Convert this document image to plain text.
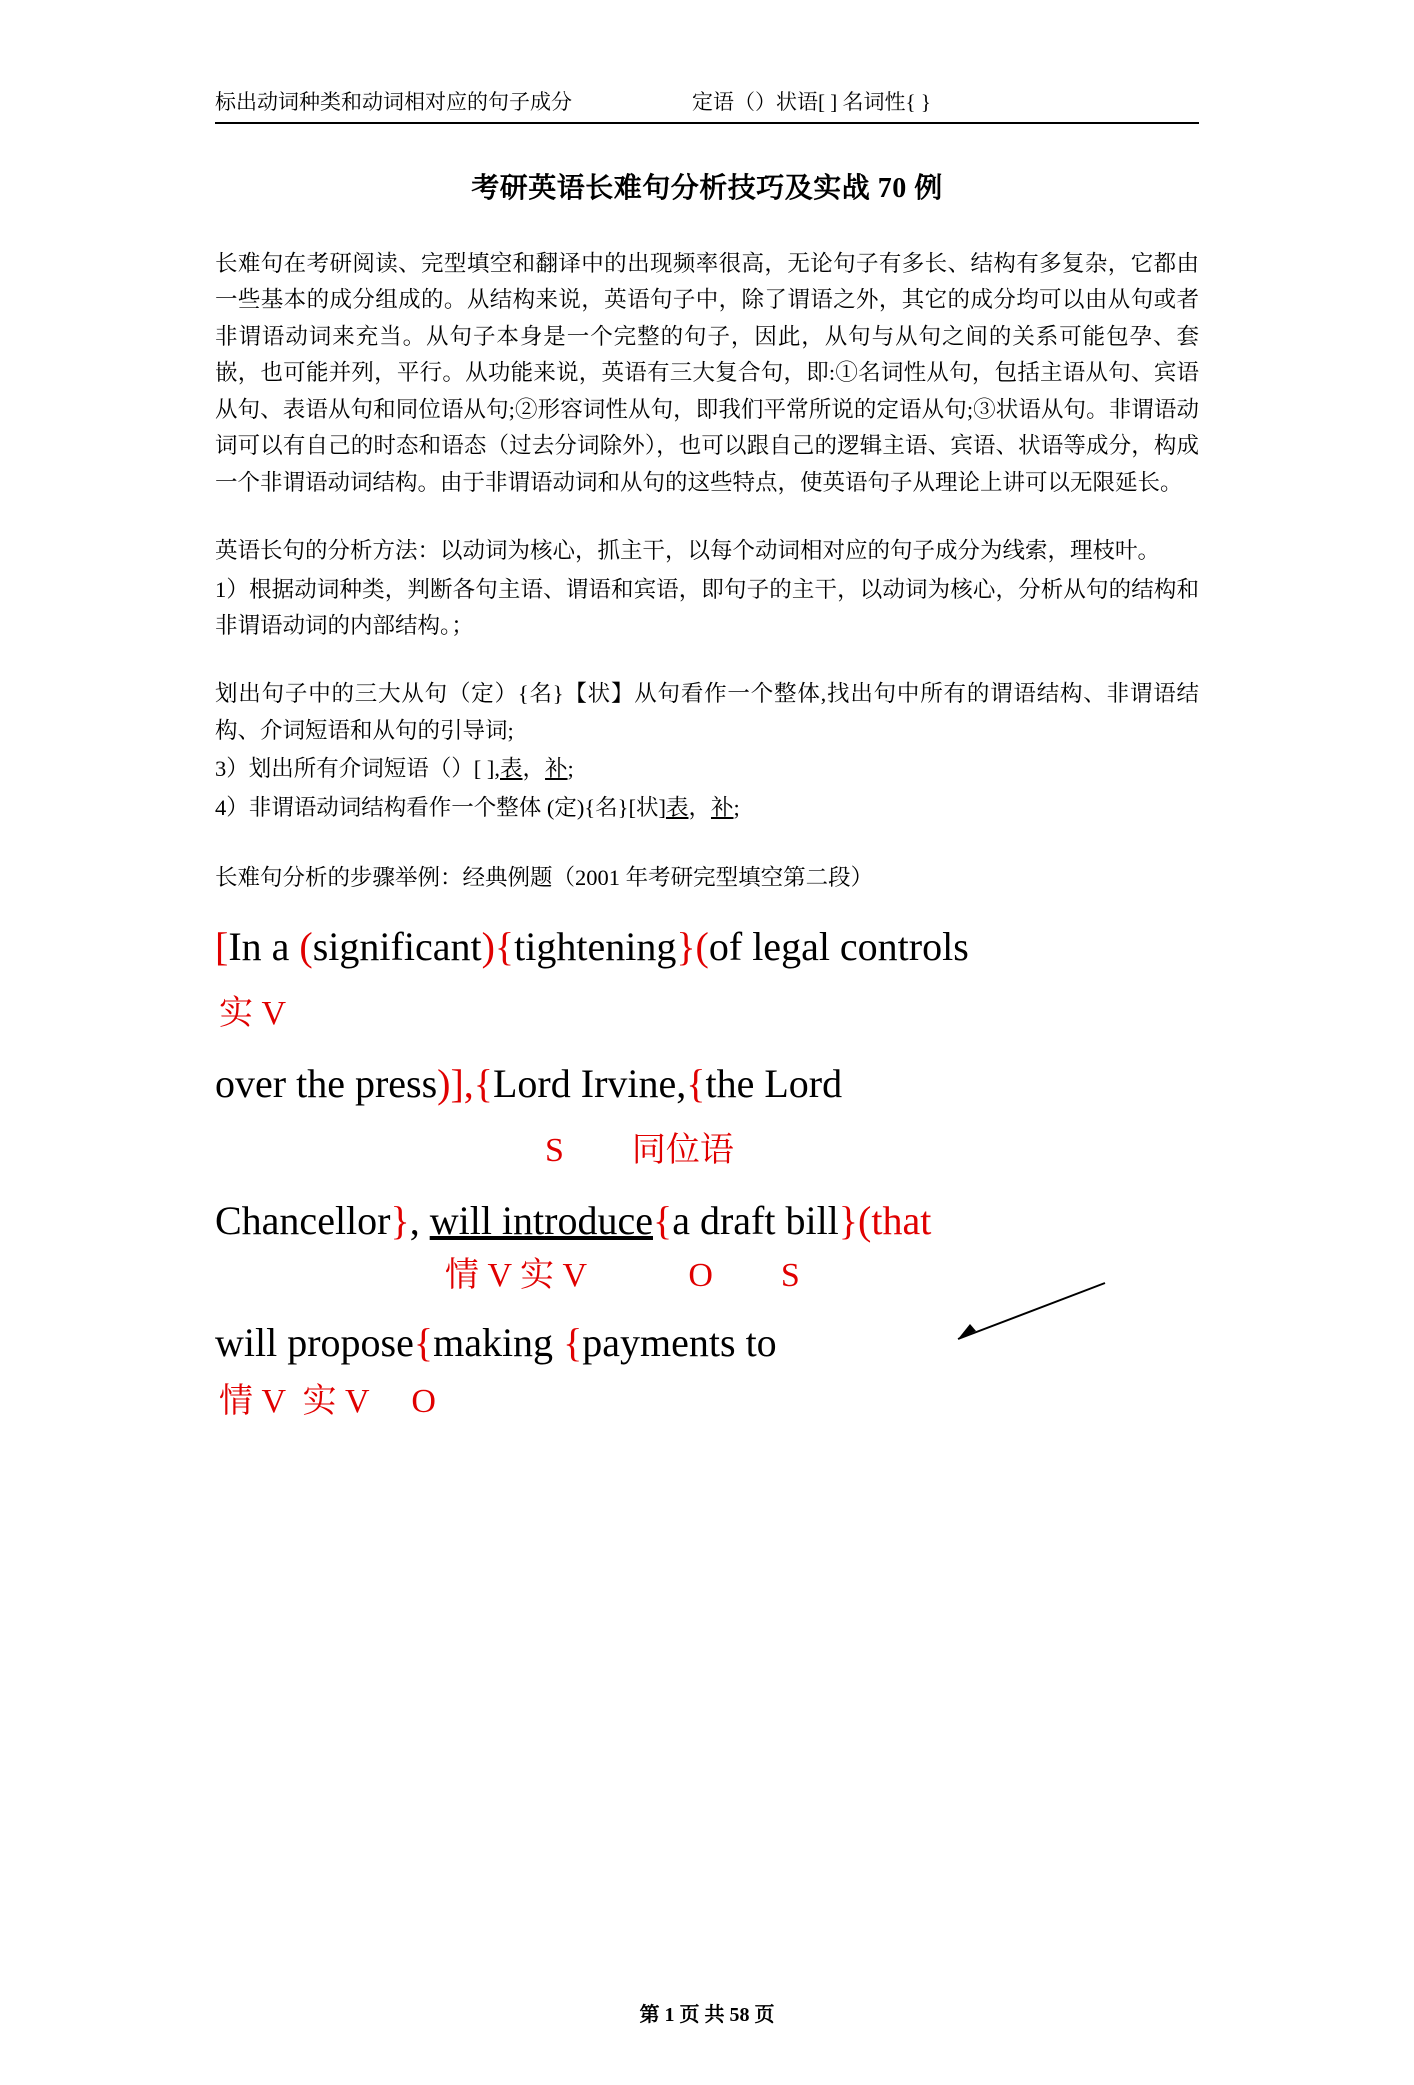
标出动词种类和动词相对应的句子成分	定语（）状语[ ] 名词性{ }
考研英语长难句分析技巧及实战 70 例

长难句在考研阅读、完型填空和翻译中的出现频率很高，无论句子有多长、结构有多复杂，它都由一些基本的成分组成的。从结构来说，英语句子中，除了谓语之外，其它的成分均可以由从句或者非谓语动词来充当。从句子本身是一个完整的句子，因此，从句与从句之间的关系可能包孕、套嵌，也可能并列，平行。从功能来说，英语有三大复合句，即:①名词性从句，包括主语从句、宾语从句、表语从句和同位语从句;②形容词性从句，即我们平常所说的定语从句;③状语从句。非谓语动词可以有自己的时态和语态（过去分词除外），也可以跟自己的逻辑主语、宾语、状语等成分，构成一个非谓语动词结构。由于非谓语动词和从句的这些特点，使英语句子从理论上讲可以无限延长。

英语长句的分析方法：以动词为核心，抓主干，以每个动词相对应的句子成分为线索，理枝叶。

1）根据动词种类，判断各句主语、谓语和宾语，即句子的主干，以动词为核心，分析从句的结构和非谓语动词的内部结构。；

划出句子中的三大从句（定）{名}【状】从句看作一个整体,找出句中所有的谓语结构、非谓语结构、介词短语和从句的引导词;

3）划出所有介词短语（）[ ],表，补;

4）非谓语动词结构看作一个整体 (定){名}[状]表，补;

长难句分析的步骤举例：经典例题（2001 年考研完型填空第二段）

[In a (significant){tightening}(of legal controls
实 V
over the press)],{Lord Irvine,{the Lord
S        同位语
Chancellor}, will introduce{a draft bill}(that
情 V 实 V            O        S
will propose{making {payments to
情 V  实 V     O
第 1 页 共 58 页
